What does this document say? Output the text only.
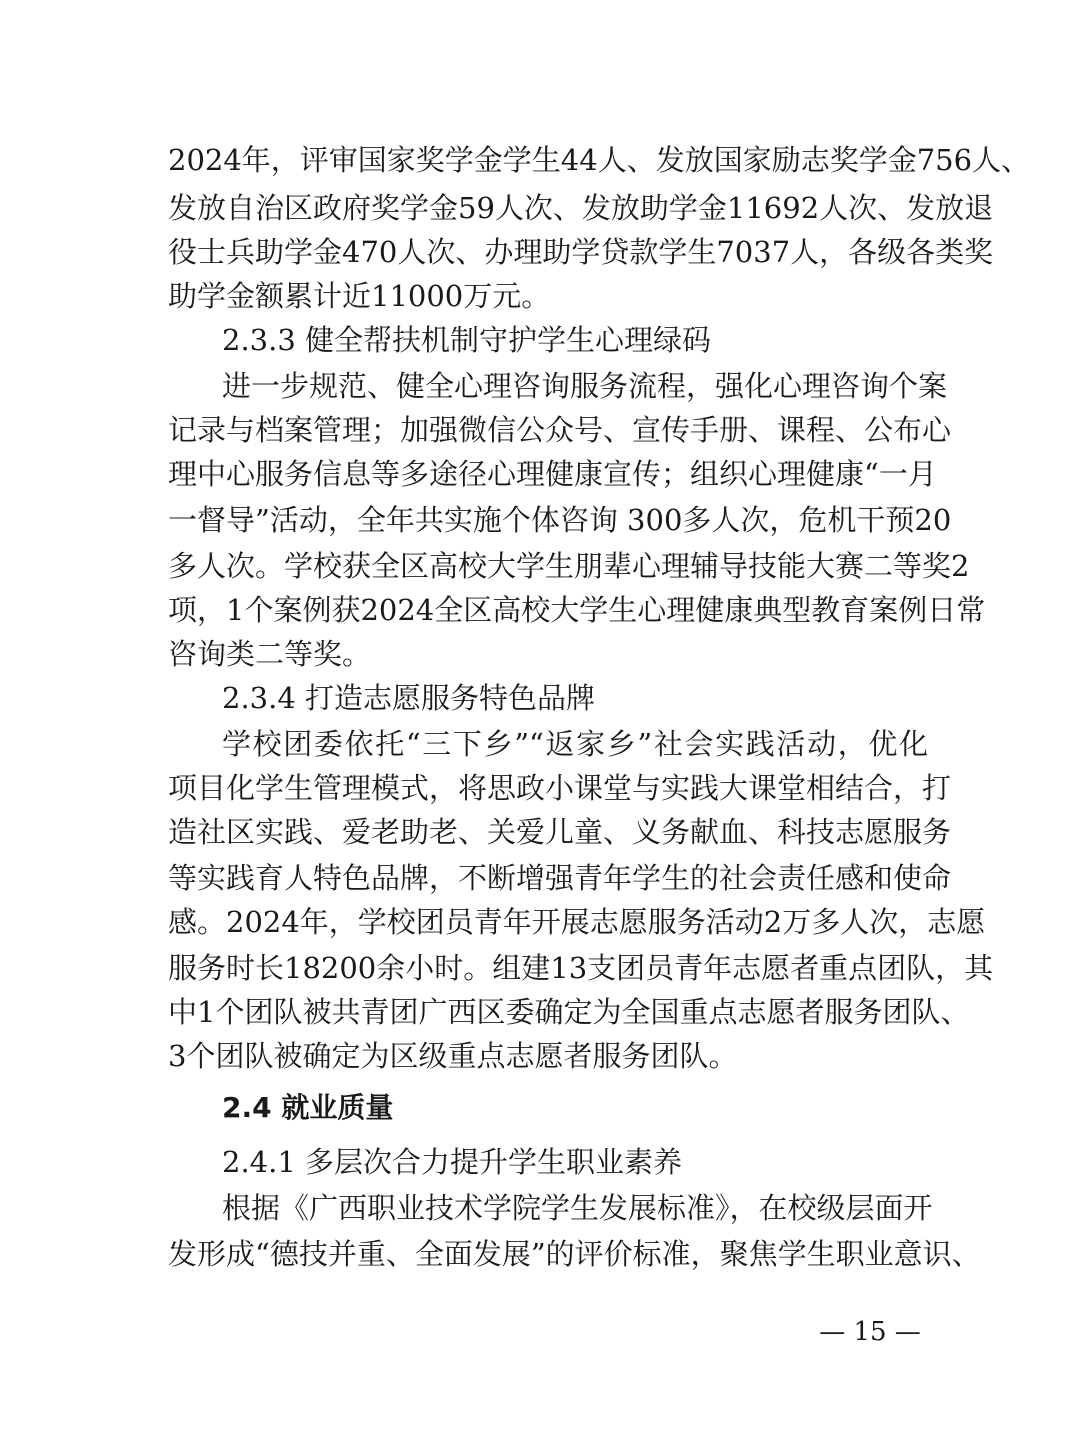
2024年，评审国家奖学金学生44人、发放国家励志奖学金756人、
发放自治区政府奖学金59人次、发放助学金11692人次、发放退
役士兵助学金470人次、办理助学贷款学生7037人，各级各类奖
助学金额累计近11000万元。
2.3.3 健全帮扶机制守护学生心理绿码
进一步规范、健全心理咨询服务流程，强化心理咨询个案
记录与档案管理；加强微信公众号、宣传手册、课程、公布心
理中心服务信息等多途径心理健康宣传；组织心理健康“一月
一督导”活动，全年共实施个体咨询 300多人次，危机干预20
多人次。学校获全区高校大学生朋辈心理辅导技能大赛二等奖2
项，1个案例获2024全区高校大学生心理健康典型教育案例日常
咨询类二等奖。
2.3.4 打造志愿服务特色品牌
学校团委依托“三下乡”“返家乡”社会实践活动，优化
项目化学生管理模式，将思政小课堂与实践大课堂相结合，打
造社区实践、爱老助老、关爱儿童、义务献血、科技志愿服务
等实践育人特色品牌，不断增强青年学生的社会责任感和使命
感。2024年，学校团员青年开展志愿服务活动2万多人次，志愿
服务时长18200余小时。组建13支团员青年志愿者重点团队，其
中1个团队被共青团广西区委确定为全国重点志愿者服务团队、
3个团队被确定为区级重点志愿者服务团队。
2.4 就业质量
2.4.1 多层次合力提升学生职业素养
根据《广西职业技术学院学生发展标准》，在校级层面开
发形成“德技并重、全面发展”的评价标准，聚焦学生职业意识、
— 15 —
